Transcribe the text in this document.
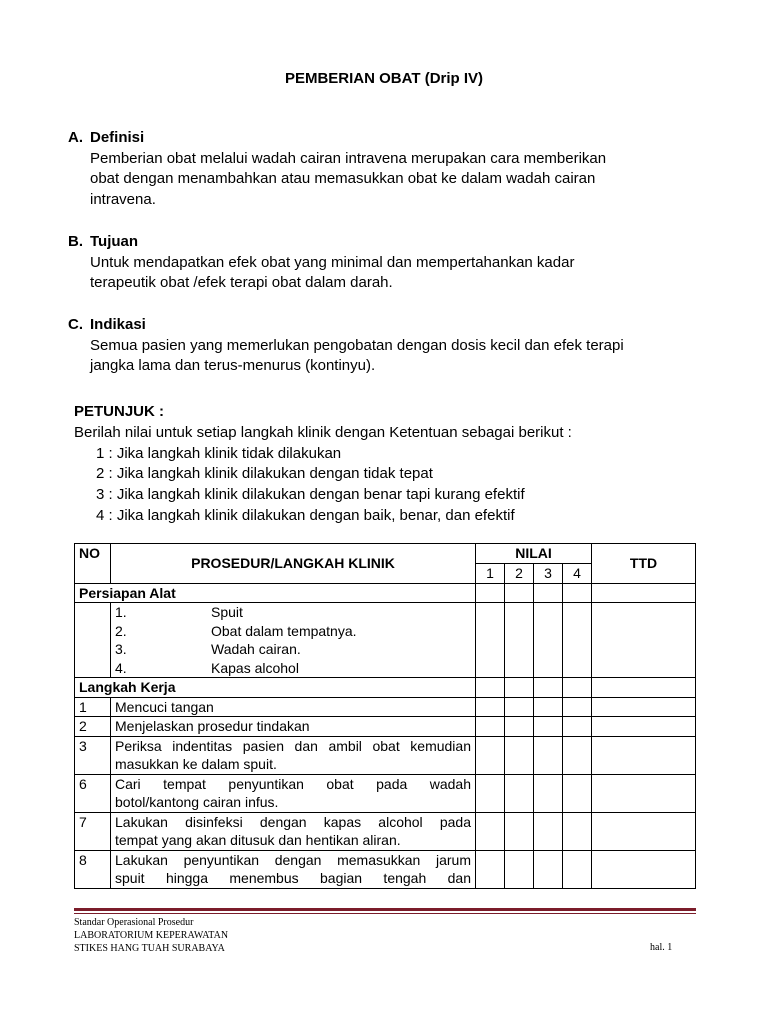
PEMBERIAN OBAT (Drip IV)
A. Definisi
Pemberian obat melalui wadah cairan intravena merupakan cara memberikan
obat dengan menambahkan atau memasukkan obat ke dalam wadah cairan
intravena.
B. Tujuan
Untuk mendapatkan efek obat yang minimal dan mempertahankan kadar
terapeutik obat /efek terapi obat dalam darah.
C. Indikasi
Semua pasien yang memerlukan pengobatan dengan dosis kecil dan efek terapi
jangka lama dan terus-menurus (kontinyu).
PETUNJUK :
Berilah nilai untuk setiap langkah klinik dengan Ketentuan sebagai berikut :
1 : Jika langkah klinik tidak dilakukan
2 : Jika langkah klinik dilakukan dengan tidak tepat
3 : Jika langkah klinik dilakukan dengan benar tapi kurang efektif
4 : Jika langkah klinik dilakukan dengan baik, benar, dan efektif
NO	PROSEDUR/LANGKAH KLINIK	NILAI				TTD
		1	2	3	4	
Persiapan Alat						

	1. Spuit
2. Obat dalam tempatnya.
3. Wadah cairan.
4. Kapas alcohol					

Langkah Kerja						
1	Mencuci tangan					

2	Menjelaskan prosedur tindakan					

3	Periksa indentitas pasien dan ambil obat kemudian
masukkan ke dalam spuit.					

6	Cari tempat penyuntikan obat pada wadah
botol/kantong cairan infus.					

7	Lakukan disinfeksi dengan kapas alcohol pada
tempat yang akan ditusuk dan hentikan aliran.					

8	Lakukan penyuntikan dengan memasukkan jarum
spuit hingga menembus bagian tengah dan					

Standar Operasional Prosedur
LABORATORIUM KEPERAWATAN
STIKES HANG TUAH SURABAYA	hal. 1
